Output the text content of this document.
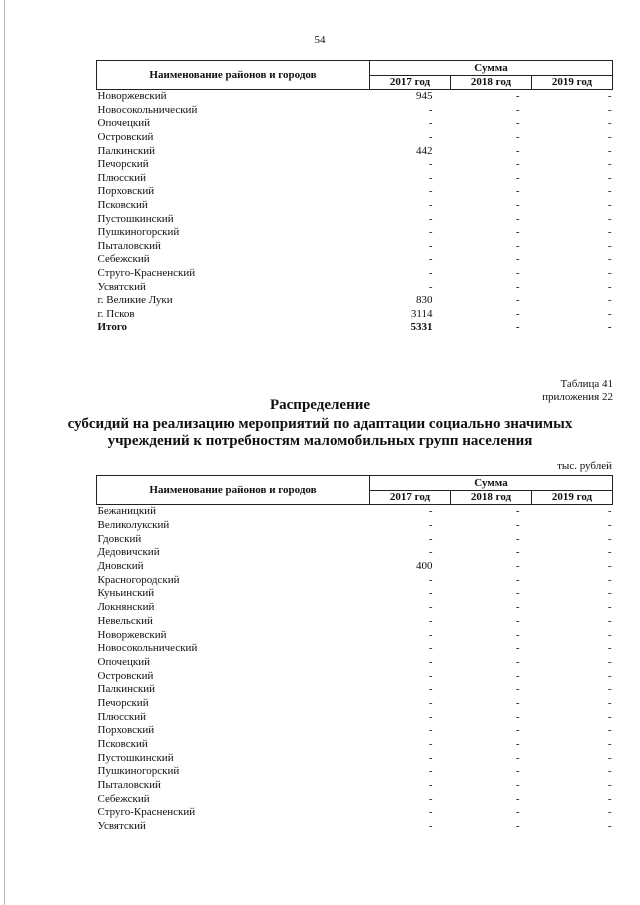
54
Наименование районов и городов	Сумма		
	2017 год	2018 год	2019 год
Новоржевский	945	-	-
Новосокольнический	-	-	-
Опочецкий	-	-	-
Островский	-	-	-
Палкинский	442	-	-
Печорский	-	-	-
Плюсский	-	-	-
Порховский	-	-	-
Псковский	-	-	-
Пустошкинский	-	-	-
Пушкиногорский	-	-	-
Пыталовский	-	-	-
Себежский	-	-	-
Струго-Красненский	-	-	-
Усвятский	-	-	-
г. Великие Луки	830	-	-
г. Псков	3114	-	-
Итого	5331	-	-
Таблица 41
приложения 22
Распределение
субсидий на реализацию мероприятий по адаптации социально значимых
учреждений к потребностям маломобильных групп населения
тыс. рублей
Наименование районов и городов	Сумма		
	2017 год	2018 год	2019 год
Бежаницкий	-	-	-
Великолукский	-	-	-
Гдовский	-	-	-
Дедовичский	-	-	-
Дновский	400	-	-
Красногородский	-	-	-
Куньинский	-	-	-
Локнянский	-	-	-
Невельский	-	-	-
Новоржевский	-	-	-
Новосокольнический	-	-	-
Опочецкий	-	-	-
Островский	-	-	-
Палкинский	-	-	-
Печорский	-	-	-
Плюсский	-	-	-
Порховский	-	-	-
Псковский	-	-	-
Пустошкинский	-	-	-
Пушкиногорский	-	-	-
Пыталовский	-	-	-
Себежский	-	-	-
Струго-Красненский	-	-	-
Усвятский	-	-	-
